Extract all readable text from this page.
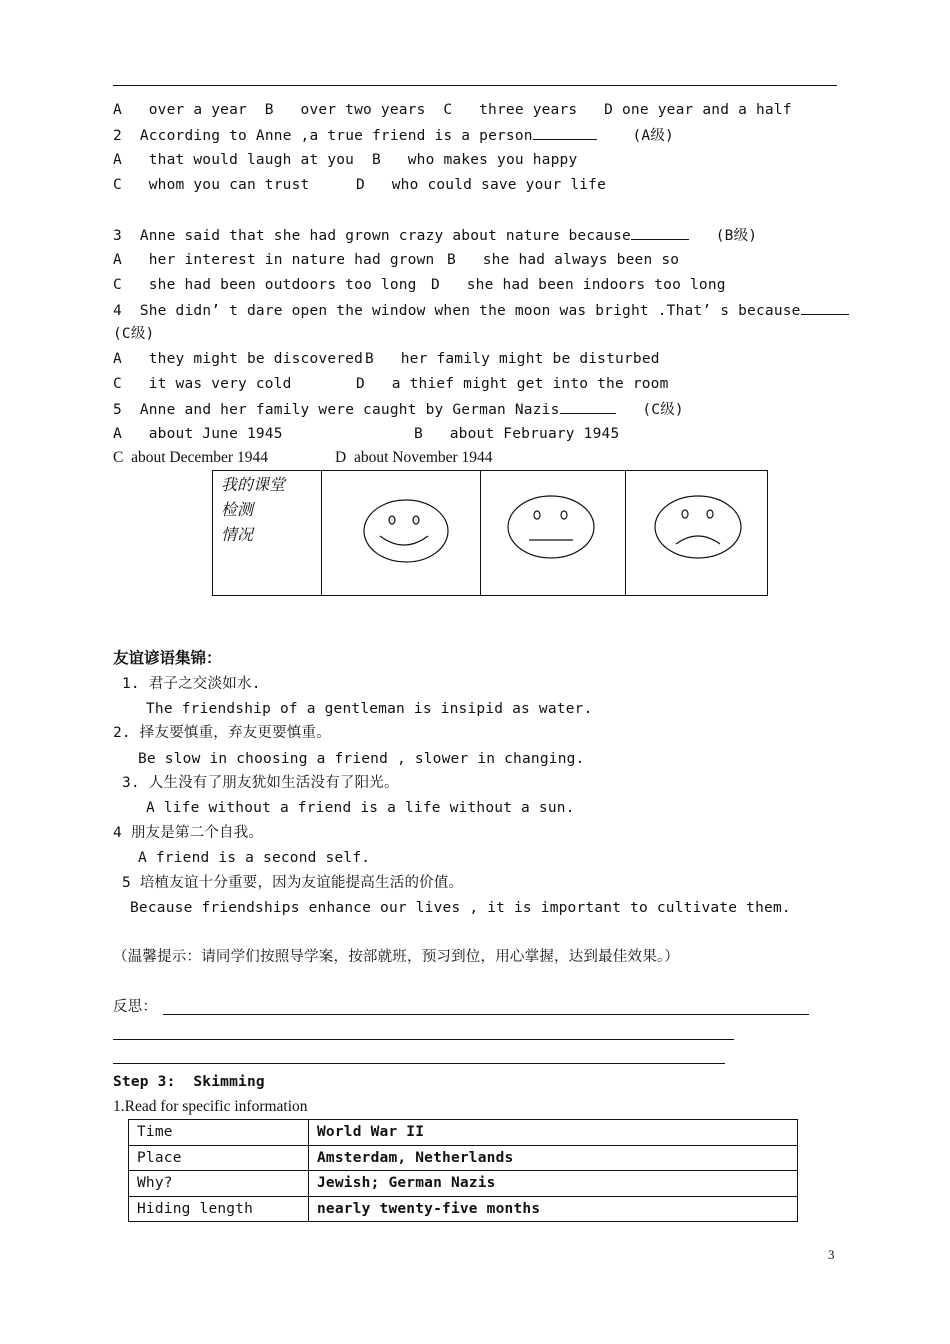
A   over a year  B   over two years  C   three years   D one year and a half
2 According to Anne ,a true friend is a person	(A级)
A   that would laugh at you B   who makes you happy
C   whom you can trust	D   who could save your life
3 Anne said that she had grown crazy about nature because	(B级)
A   her interest in nature had grown B   she had always been so
C   she had been outdoors too long D   she had been indoors too long
4 She didn’ t dare open the window when the moon was bright .That’ s because
(C级)
A   they might be discovered B   her family might be disturbed
C   it was very cold	D   a thief might get into the room
5 Anne and her family were caught by German Nazis	(C级)
A   about June 1945	B   about February 1945
C  about December 1944	D  about November 1944
我的课堂
检测
情况

友谊谚语集锦：
1. 君子之交淡如水.
The friendship of a gentleman is insipid as water.
2. 择友要慎重，弃友更要慎重。
Be slow in choosing a friend , slower in changing.
3. 人生没有了朋友犹如生活没有了阳光。
A life without a friend is a life without a sun.
4 朋友是第二个自我。
A friend is a second self.
5 培植友谊十分重要，因为友谊能提高生活的价值。
Because friendships enhance our lives , it is important to cultivate them.
（温馨提示：请同学们按照导学案，按部就班，预习到位，用心掌握，达到最佳效果。）
反思：
Step 3:  Skimming
1.Read for specific information
Time	World War II
Place	Amsterdam, Netherlands
Why?	Jewish; German Nazis
Hiding length	nearly twenty-five months
3
